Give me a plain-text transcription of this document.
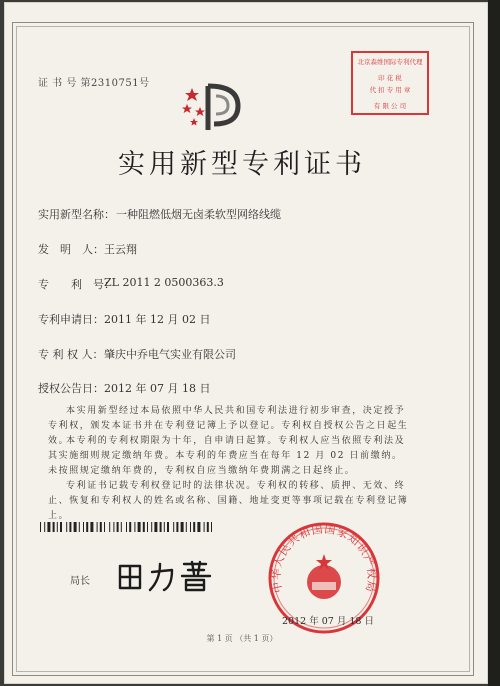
证 书 号 第2310751号
北京森维国际专利代理
印 花 税
代 扣 专 用 章
有 限 公 司
实用新型专利证书
实用新型名称： 一种阻燃低烟无卤柔软型网络线缆
发　明　人： 王云翔
专　　利　号：
ZL 2011 2 0500363.3
专利申请日： 2011 年 12 月 02 日
专 利 权 人： 肇庆中乔电气实业有限公司
授权公告日： 2012 年 07 月 18 日
本实用新型经过本局依照中华人民共和国专利法进行初步审查，决定授予专利权，颁发本证书并在专利登记簿上予以登记。专利权自授权公告之日起生效。
本专利的专利权期限为十年，自申请日起算。专利权人应当依照专利法及其实施细则规定缴纳年费。本专利的年费应当在每年 12 月 02 日前缴纳。未按照规定缴纳年费的，专利权自应当缴纳年费期满之日起终止。
专利证书记载专利权登记时的法律状况。专利权的转移、质押、无效、终止、恢复和专利权人的姓名或名称、国籍、地址变更等事项记载在专利登记簿上。
局长	中华人民共和国国家知识产权局
2012 年 07 月 18 日
第 1 页 （共 1 页）
